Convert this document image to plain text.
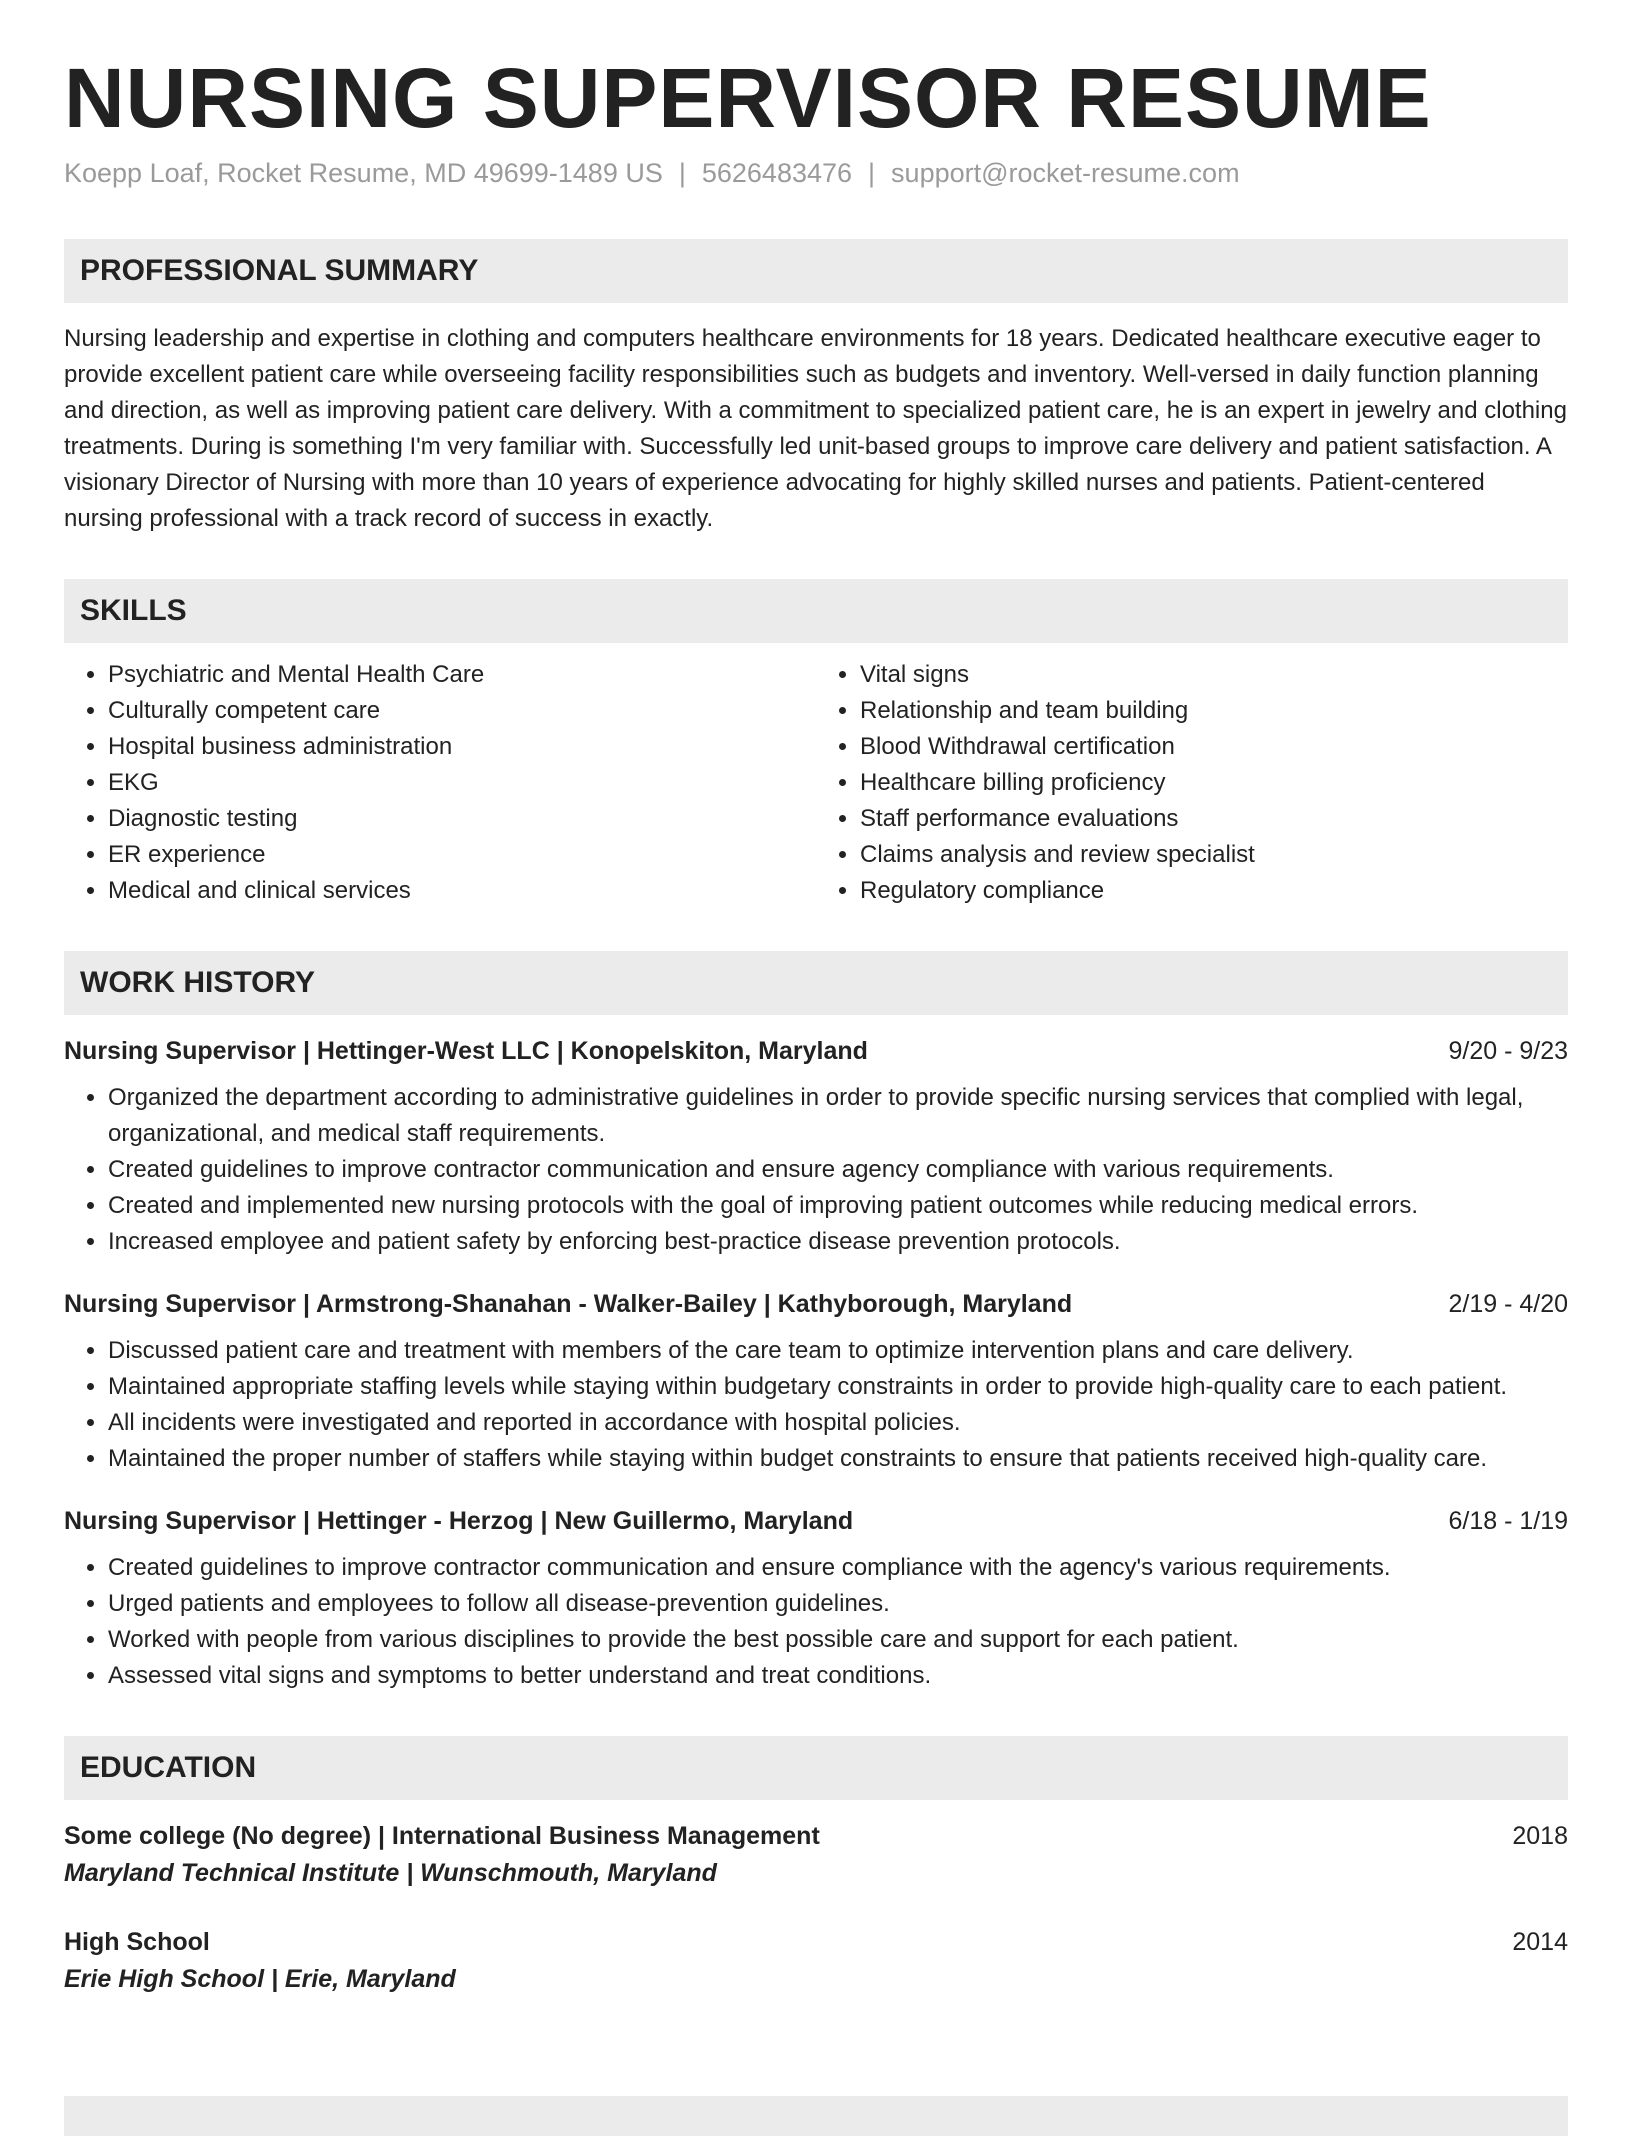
NURSING SUPERVISOR RESUME
Koepp Loaf, Rocket Resume, MD 49699-1489 US | 5626483476 | support@rocket-resume.com
PROFESSIONAL SUMMARY
Nursing leadership and expertise in clothing and computers healthcare environments for 18 years. Dedicated healthcare executive eager to provide excellent patient care while overseeing facility responsibilities such as budgets and inventory. Well-versed in daily function planning and direction, as well as improving patient care delivery. With a commitment to specialized patient care, he is an expert in jewelry and clothing treatments. During is something I'm very familiar with. Successfully led unit-based groups to improve care delivery and patient satisfaction. A visionary Director of Nursing with more than 10 years of experience advocating for highly skilled nurses and patients. Patient-centered nursing professional with a track record of success in exactly.
SKILLS
• Psychiatric and Mental Health Care
• Culturally competent care
• Hospital business administration
• EKG
• Diagnostic testing
• ER experience
• Medical and clinical services
• Vital signs
• Relationship and team building
• Blood Withdrawal certification
• Healthcare billing proficiency
• Staff performance evaluations
• Claims analysis and review specialist
• Regulatory compliance
WORK HISTORY
Nursing Supervisor | Hettinger-West LLC | Konopelskiton, Maryland	9/20 - 9/23
• Organized the department according to administrative guidelines in order to provide specific nursing services that complied with legal, organizational, and medical staff requirements.
• Created guidelines to improve contractor communication and ensure agency compliance with various requirements.
• Created and implemented new nursing protocols with the goal of improving patient outcomes while reducing medical errors.
• Increased employee and patient safety by enforcing best-practice disease prevention protocols.
Nursing Supervisor | Armstrong-Shanahan - Walker-Bailey | Kathyborough, Maryland	2/19 - 4/20
• Discussed patient care and treatment with members of the care team to optimize intervention plans and care delivery.
• Maintained appropriate staffing levels while staying within budgetary constraints in order to provide high-quality care to each patient.
• All incidents were investigated and reported in accordance with hospital policies.
• Maintained the proper number of staffers while staying within budget constraints to ensure that patients received high-quality care.
Nursing Supervisor | Hettinger - Herzog | New Guillermo, Maryland	6/18 - 1/19
• Created guidelines to improve contractor communication and ensure compliance with the agency's various requirements.
• Urged patients and employees to follow all disease-prevention guidelines.
• Worked with people from various disciplines to provide the best possible care and support for each patient.
• Assessed vital signs and symptoms to better understand and treat conditions.
EDUCATION
Some college (No degree) | International Business Management	2018
Maryland Technical Institute | Wunschmouth, Maryland
High School	2014
Erie High School | Erie, Maryland
